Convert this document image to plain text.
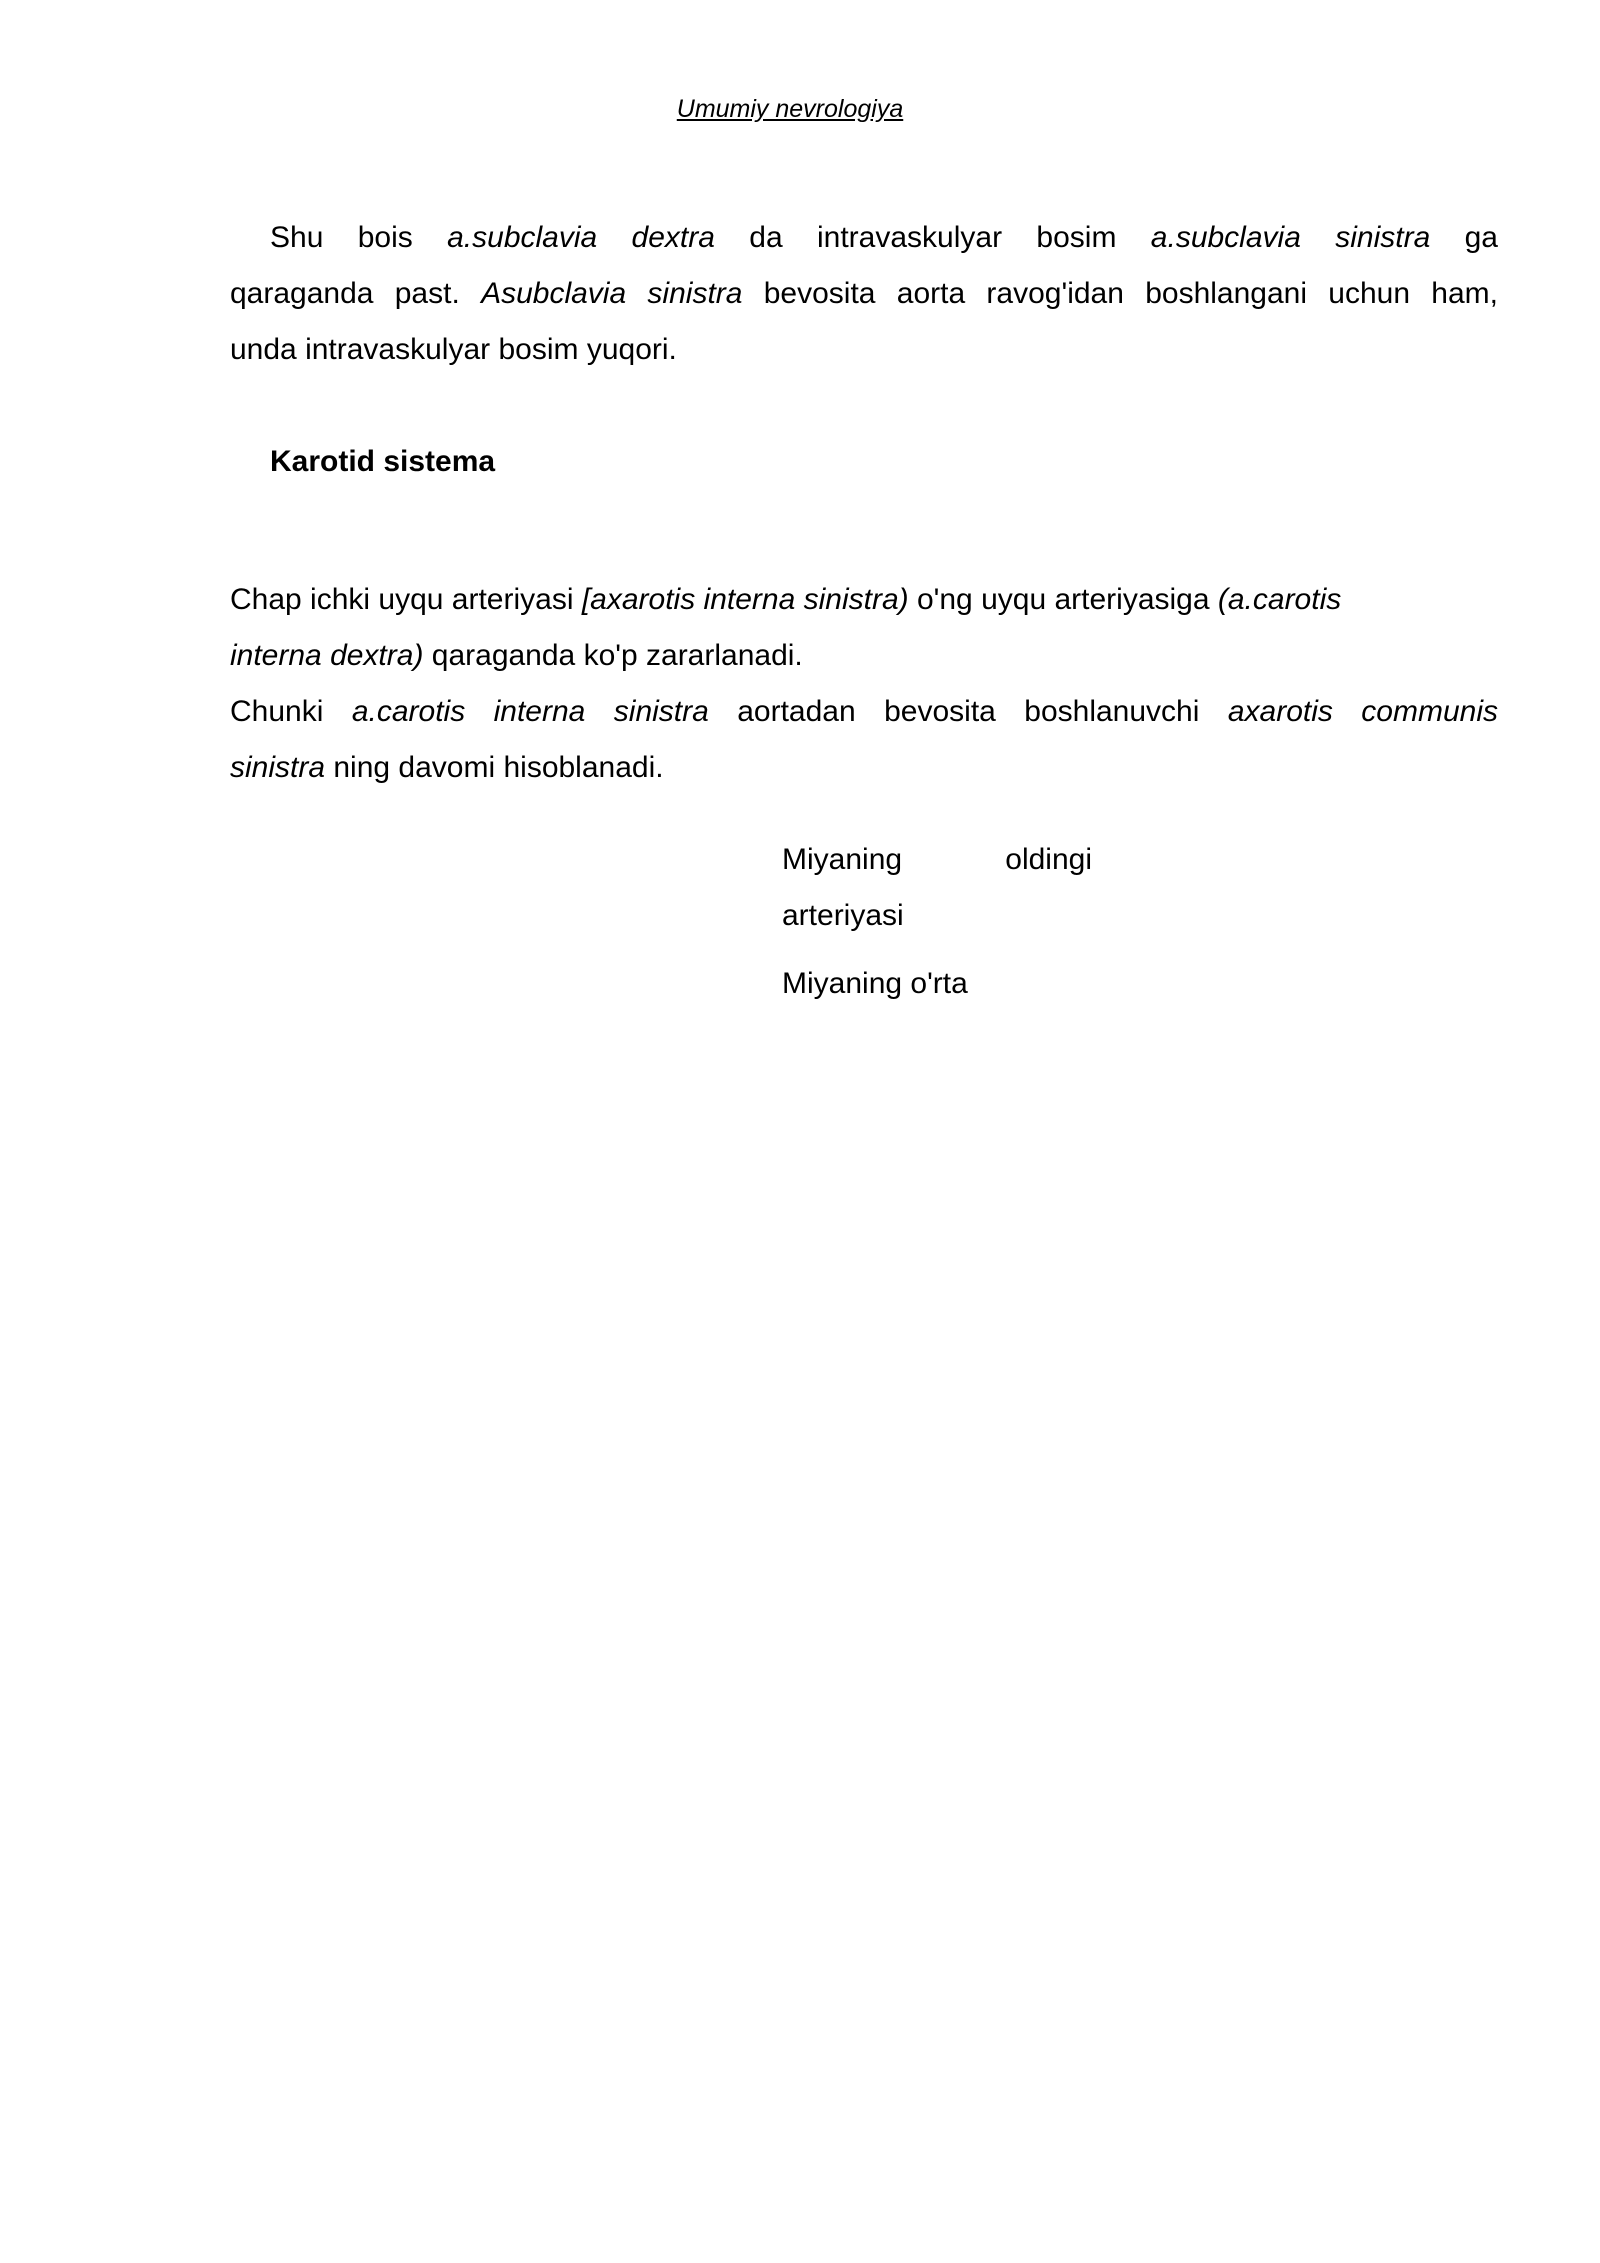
Umumiy nevrologiya
Shu bois a.subclavia dextra da intravaskulyar bosim a.subclavia sinistra ga
qaraganda past. Asubclavia sinistra bevosita aorta ravog'idan boshlangani uchun ham,
unda intravaskulyar bosim yuqori.
Karotid sistema
Chap ichki uyqu arteriyasi [axarotis interna sinistra) o'ng uyqu arteriyasiga (a.carotis
interna dextra) qaraganda ko'p zararlanadi.
Chunki a.carotis interna sinistra aortadan bevosita boshlanuvchi axarotis communis
sinistra ning davomi hisoblanadi.
Miyaning oldingi
arteriyasi
Miyaning o'rta
